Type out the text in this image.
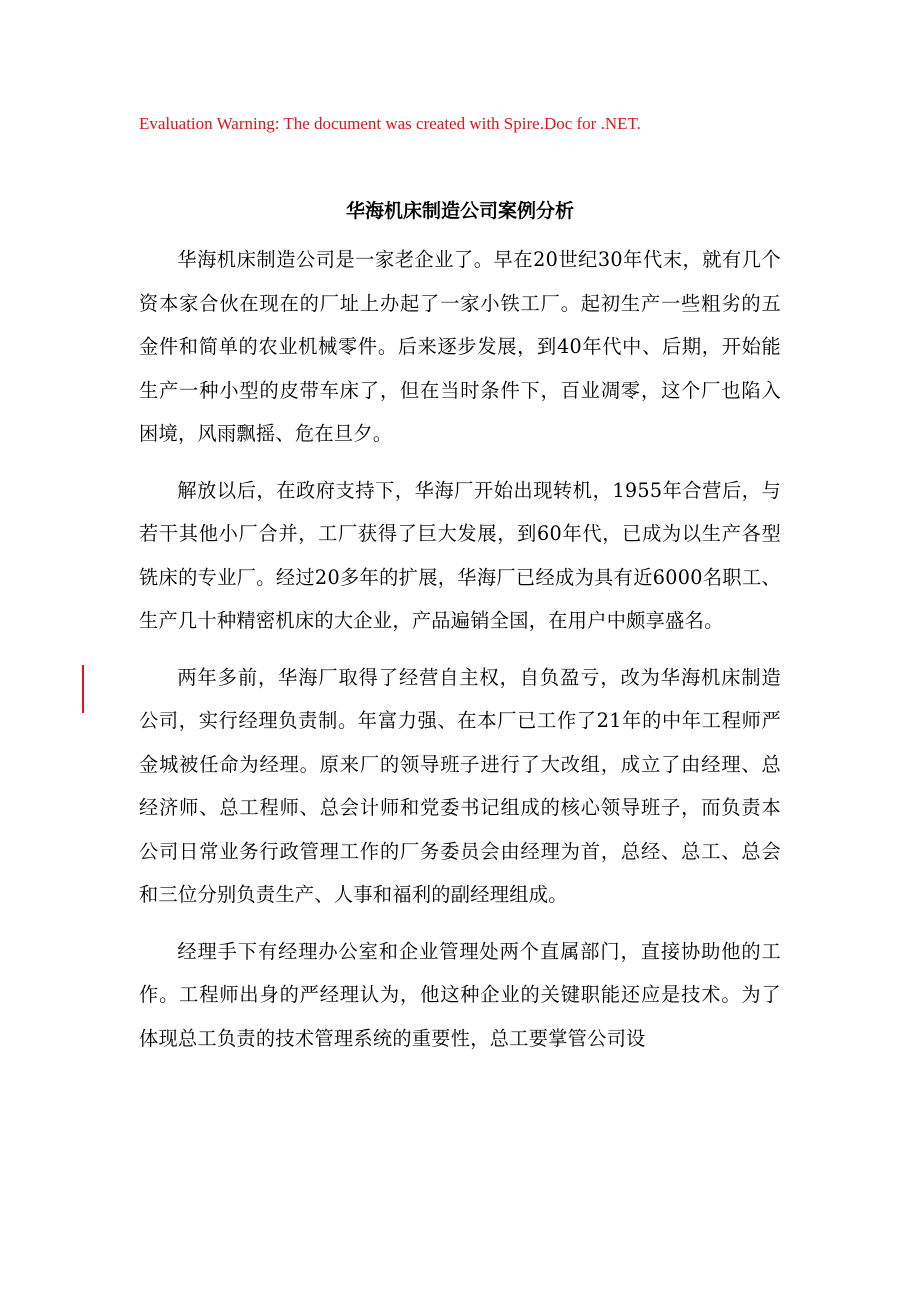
Evaluation Warning: The document was created with Spire.Doc for .NET.
华海机床制造公司案例分析

华海机床制造公司是一家老企业了。早在20世纪30年代末，就有几个资本家合伙在现在的厂址上办起了一家小铁工厂。起初生产一些粗劣的五金件和简单的农业机械零件。后来逐步发展，到40年代中、后期，开始能生产一种小型的皮带车床了，但在当时条件下，百业凋零，这个厂也陷入困境，风雨飘摇、危在旦夕。

解放以后，在政府支持下，华海厂开始出现转机，1955年合营后，与若干其他小厂合并，工厂获得了巨大发展，到60年代，已成为以生产各型铣床的专业厂。经过20多年的扩展，华海厂已经成为具有近6000名职工、生产几十种精密机床的大企业，产品遍销全国，在用户中颇享盛名。

两年多前，华海厂取得了经营自主权，自负盈亏，改为华海机床制造公司，实行经理负责制。年富力强、在本厂已工作了21年的中年工程师严金城被任命为经理。原来厂的领导班子进行了大改组，成立了由经理、总经济师、总工程师、总会计师和党委书记组成的核心领导班子，而负责本公司日常业务行政管理工作的厂务委员会由经理为首，总经、总工、总会和三位分别负责生产、人事和福利的副经理组成。

经理手下有经理办公室和企业管理处两个直属部门，直接协助他的工作。工程师出身的严经理认为，他这种企业的关键职能还应是技术。为了体现总工负责的技术管理系统的重要性，总工要掌管公司设
